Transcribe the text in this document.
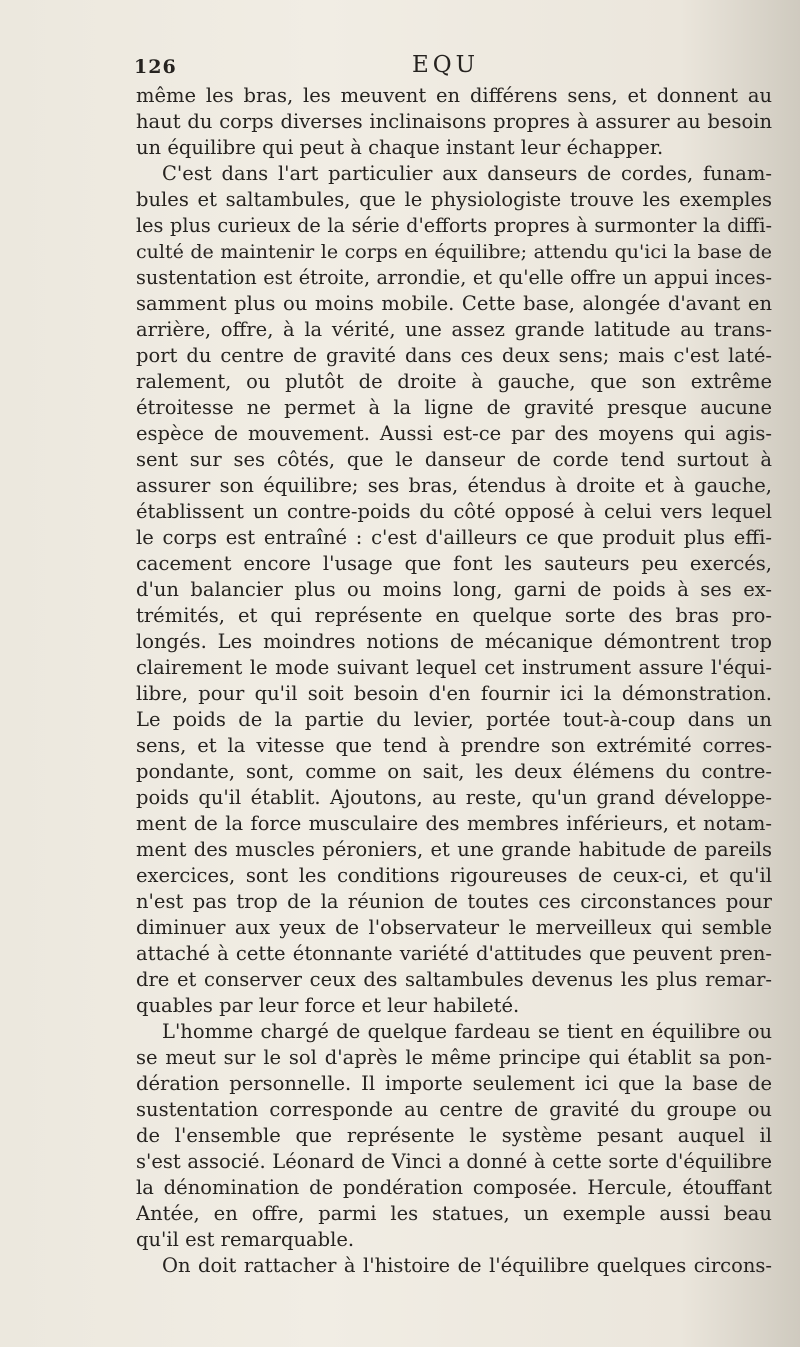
126	EQU
même les bras, les meuvent en différens sens, et donnent au
haut du corps diverses inclinaisons propres à assurer au besoin
un équilibre qui peut à chaque instant leur échapper.
C'est dans l'art particulier aux danseurs de cordes, funam-
bules et saltambules, que le physiologiste trouve les exemples
les plus curieux de la série d'efforts propres à surmonter la diffi-
culté de maintenir le corps en équilibre; attendu qu'ici la base de
sustentation est étroite, arrondie, et qu'elle offre un appui inces-
samment plus ou moins mobile. Cette base, alongée d'avant en
arrière, offre, à la vérité, une assez grande latitude au trans-
port du centre de gravité dans ces deux sens; mais c'est laté-
ralement, ou plutôt de droite à gauche, que son extrême
étroitesse ne permet à la ligne de gravité presque aucune
espèce de mouvement. Aussi est-ce par des moyens qui agis-
sent sur ses côtés, que le danseur de corde tend surtout à
assurer son équilibre; ses bras, étendus à droite et à gauche,
établissent un contre-poids du côté opposé à celui vers lequel
le corps est entraîné : c'est d'ailleurs ce que produit plus effi-
cacement encore l'usage que font les sauteurs peu exercés,
d'un balancier plus ou moins long, garni de poids à ses ex-
trémités, et qui représente en quelque sorte des bras pro-
longés. Les moindres notions de mécanique démontrent trop
clairement le mode suivant lequel cet instrument assure l'équi-
libre, pour qu'il soit besoin d'en fournir ici la démonstration.
Le poids de la partie du levier, portée tout-à-coup dans un
sens, et la vitesse que tend à prendre son extrémité corres-
pondante, sont, comme on sait, les deux élémens du contre-
poids qu'il établit. Ajoutons, au reste, qu'un grand développe-
ment de la force musculaire des membres inférieurs, et notam-
ment des muscles péroniers, et une grande habitude de pareils
exercices, sont les conditions rigoureuses de ceux-ci, et qu'il
n'est pas trop de la réunion de toutes ces circonstances pour
diminuer aux yeux de l'observateur le merveilleux qui semble
attaché à cette étonnante variété d'attitudes que peuvent pren-
dre et conserver ceux des saltambules devenus les plus remar-
quables par leur force et leur habileté.
L'homme chargé de quelque fardeau se tient en équilibre ou
se meut sur le sol d'après le même principe qui établit sa pon-
dération personnelle. Il importe seulement ici que la base de
sustentation corresponde au centre de gravité du groupe ou
de l'ensemble que représente le système pesant auquel il
s'est associé. Léonard de Vinci a donné à cette sorte d'équilibre
la dénomination de pondération composée. Hercule, étouffant
Antée, en offre, parmi les statues, un exemple aussi beau
qu'il est remarquable.
On doit rattacher à l'histoire de l'équilibre quelques circons-
